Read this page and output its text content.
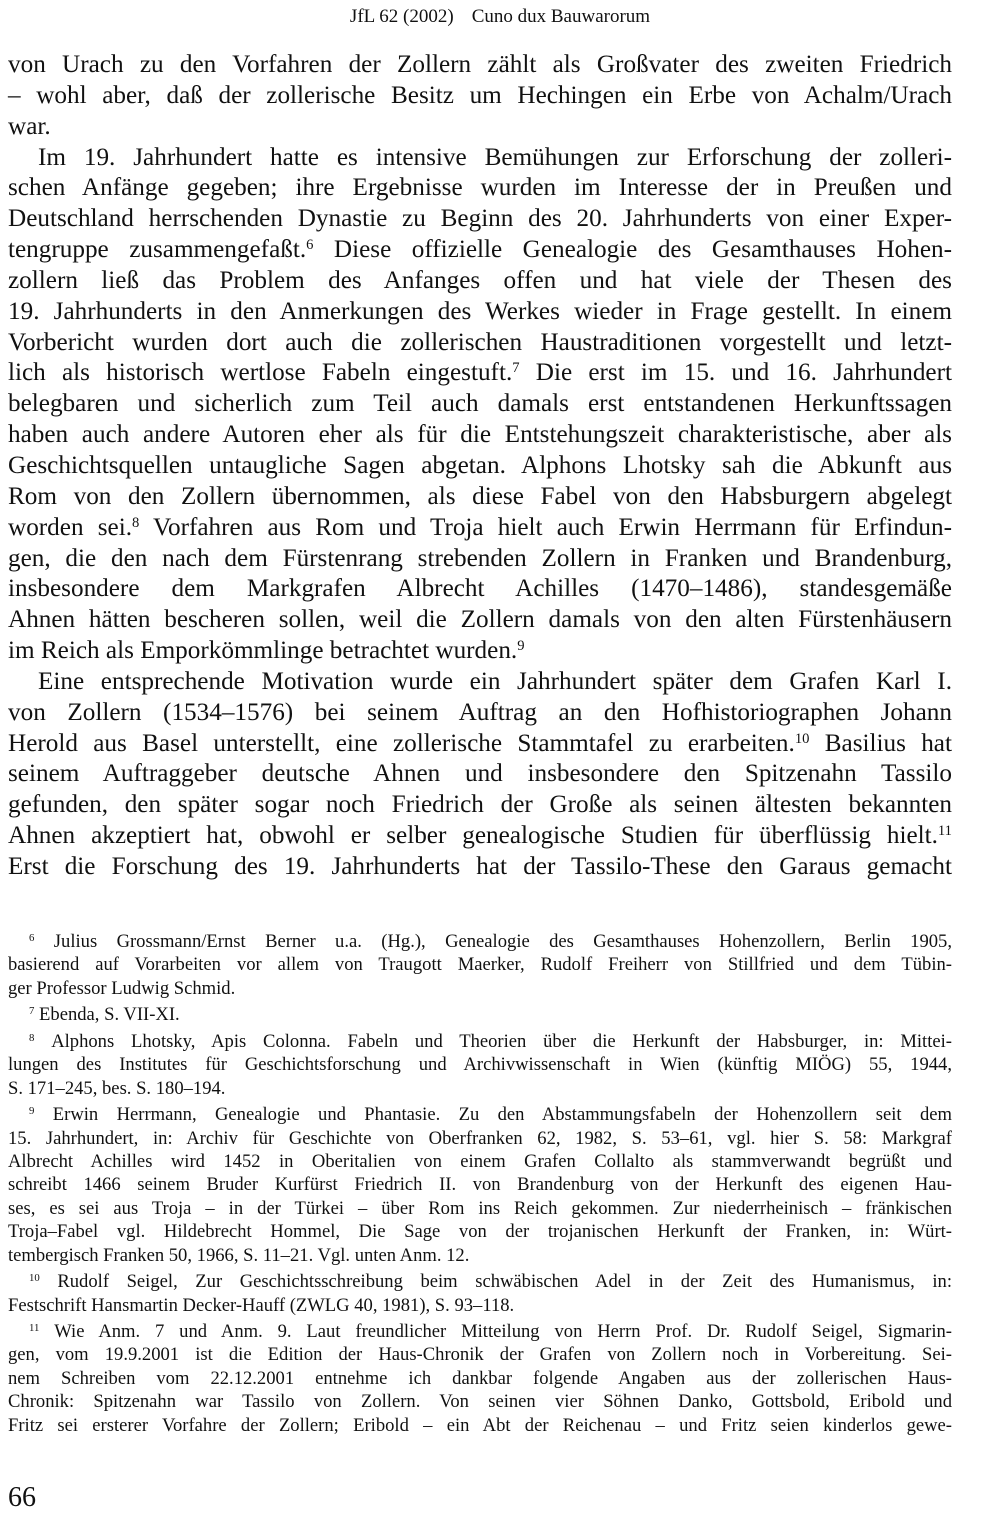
JfL 62 (2002) Cuno dux Bauwarorum
von Urach zu den Vorfahren der Zollern zählt als Großvater des zweiten Friedrich
– wohl aber, daß der zollerische Besitz um Hechingen ein Erbe von Achalm/Urach
war.
Im 19. Jahrhundert hatte es intensive Bemühungen zur Erforschung der zolleri-
schen Anfänge gegeben; ihre Ergebnisse wurden im Interesse der in Preußen und
Deutschland herrschenden Dynastie zu Beginn des 20. Jahrhunderts von einer Exper-
tengruppe zusammengefaßt.$^6$ Diese offizielle Genealogie des Gesamthauses Hohen-
zollern ließ das Problem des Anfanges offen und hat viele der Thesen des
19. Jahrhunderts in den Anmerkungen des Werkes wieder in Frage gestellt. In einem
Vorbericht wurden dort auch die zollerischen Haustraditionen vorgestellt und letzt-
lich als historisch wertlose Fabeln eingestuft.$^7$ Die erst im 15. und 16. Jahrhundert
belegbaren und sicherlich zum Teil auch damals erst entstandenen Herkunftssagen
haben auch andere Autoren eher als für die Entstehungszeit charakteristische, aber als
Geschichtsquellen untaugliche Sagen abgetan. Alphons Lhotsky sah die Abkunft aus
Rom von den Zollern übernommen, als diese Fabel von den Habsburgern abgelegt
worden sei.$^8$ Vorfahren aus Rom und Troja hielt auch Erwin Herrmann für Erfindun-
gen, die den nach dem Fürstenrang strebenden Zollern in Franken und Brandenburg,
insbesondere dem Markgrafen Albrecht Achilles (1470–1486), standesgemäße
Ahnen hätten bescheren sollen, weil die Zollern damals von den alten Fürstenhäusern
im Reich als Emporkömmlinge betrachtet wurden.$^9$
Eine entsprechende Motivation wurde ein Jahrhundert später dem Grafen Karl I.
von Zollern (1534–1576) bei seinem Auftrag an den Hofhistoriographen Johann
Herold aus Basel unterstellt, eine zollerische Stammtafel zu erarbeiten.$^{10}$ Basilius hat
seinem Auftraggeber deutsche Ahnen und insbesondere den Spitzenahn Tassilo
gefunden, den später sogar noch Friedrich der Große als seinen ältesten bekannten
Ahnen akzeptiert hat, obwohl er selber genealogische Studien für überflüssig hielt.$^{11}$
Erst die Forschung des 19. Jahrhunderts hat der Tassilo-These den Garaus gemacht
$^6$ Julius Grossmann/Ernst Berner u.a. (Hg.), Genealogie des Gesamthauses Hohenzollern, Berlin 1905,
basierend auf Vorarbeiten vor allem von Traugott Maerker, Rudolf Freiherr von Stillfried und dem Tübin-
ger Professor Ludwig Schmid.
$^7$ Ebenda, S. VII-XI.
$^8$ Alphons Lhotsky, Apis Colonna. Fabeln und Theorien über die Herkunft der Habsburger, in: Mittei-
lungen des Institutes für Geschichtsforschung und Archivwissenschaft in Wien (künftig MIÖG) 55, 1944,
S. 171–245, bes. S. 180–194.
$^9$ Erwin Herrmann, Genealogie und Phantasie. Zu den Abstammungsfabeln der Hohenzollern seit dem
15. Jahrhundert, in: Archiv für Geschichte von Oberfranken 62, 1982, S. 53–61, vgl. hier S. 58: Markgraf
Albrecht Achilles wird 1452 in Oberitalien von einem Grafen Collalto als stammverwandt begrüßt und
schreibt 1466 seinem Bruder Kurfürst Friedrich II. von Brandenburg von der Herkunft des eigenen Hau-
ses, es sei aus Troja – in der Türkei – über Rom ins Reich gekommen. Zur niederrheinisch – fränkischen
Troja–Fabel vgl. Hildebrecht Hommel, Die Sage von der trojanischen Herkunft der Franken, in: Würt-
tembergisch Franken 50, 1966, S. 11–21. Vgl. unten Anm. 12.
$^{10}$ Rudolf Seigel, Zur Geschichtsschreibung beim schwäbischen Adel in der Zeit des Humanismus, in:
Festschrift Hansmartin Decker-Hauff (ZWLG 40, 1981), S. 93–118.
$^{11}$ Wie Anm. 7 und Anm. 9. Laut freundlicher Mitteilung von Herrn Prof. Dr. Rudolf Seigel, Sigmarin-
gen, vom 19.9.2001 ist die Edition der Haus-Chronik der Grafen von Zollern noch in Vorbereitung. Sei-
nem Schreiben vom 22.12.2001 entnehme ich dankbar folgende Angaben aus der zollerischen Haus-
Chronik: Spitzenahn war Tassilo von Zollern. Von seinen vier Söhnen Danko, Gottsbold, Eribold und
Fritz sei ersterer Vorfahre der Zollern; Eribold – ein Abt der Reichenau – und Fritz seien kinderlos gewe-
66
